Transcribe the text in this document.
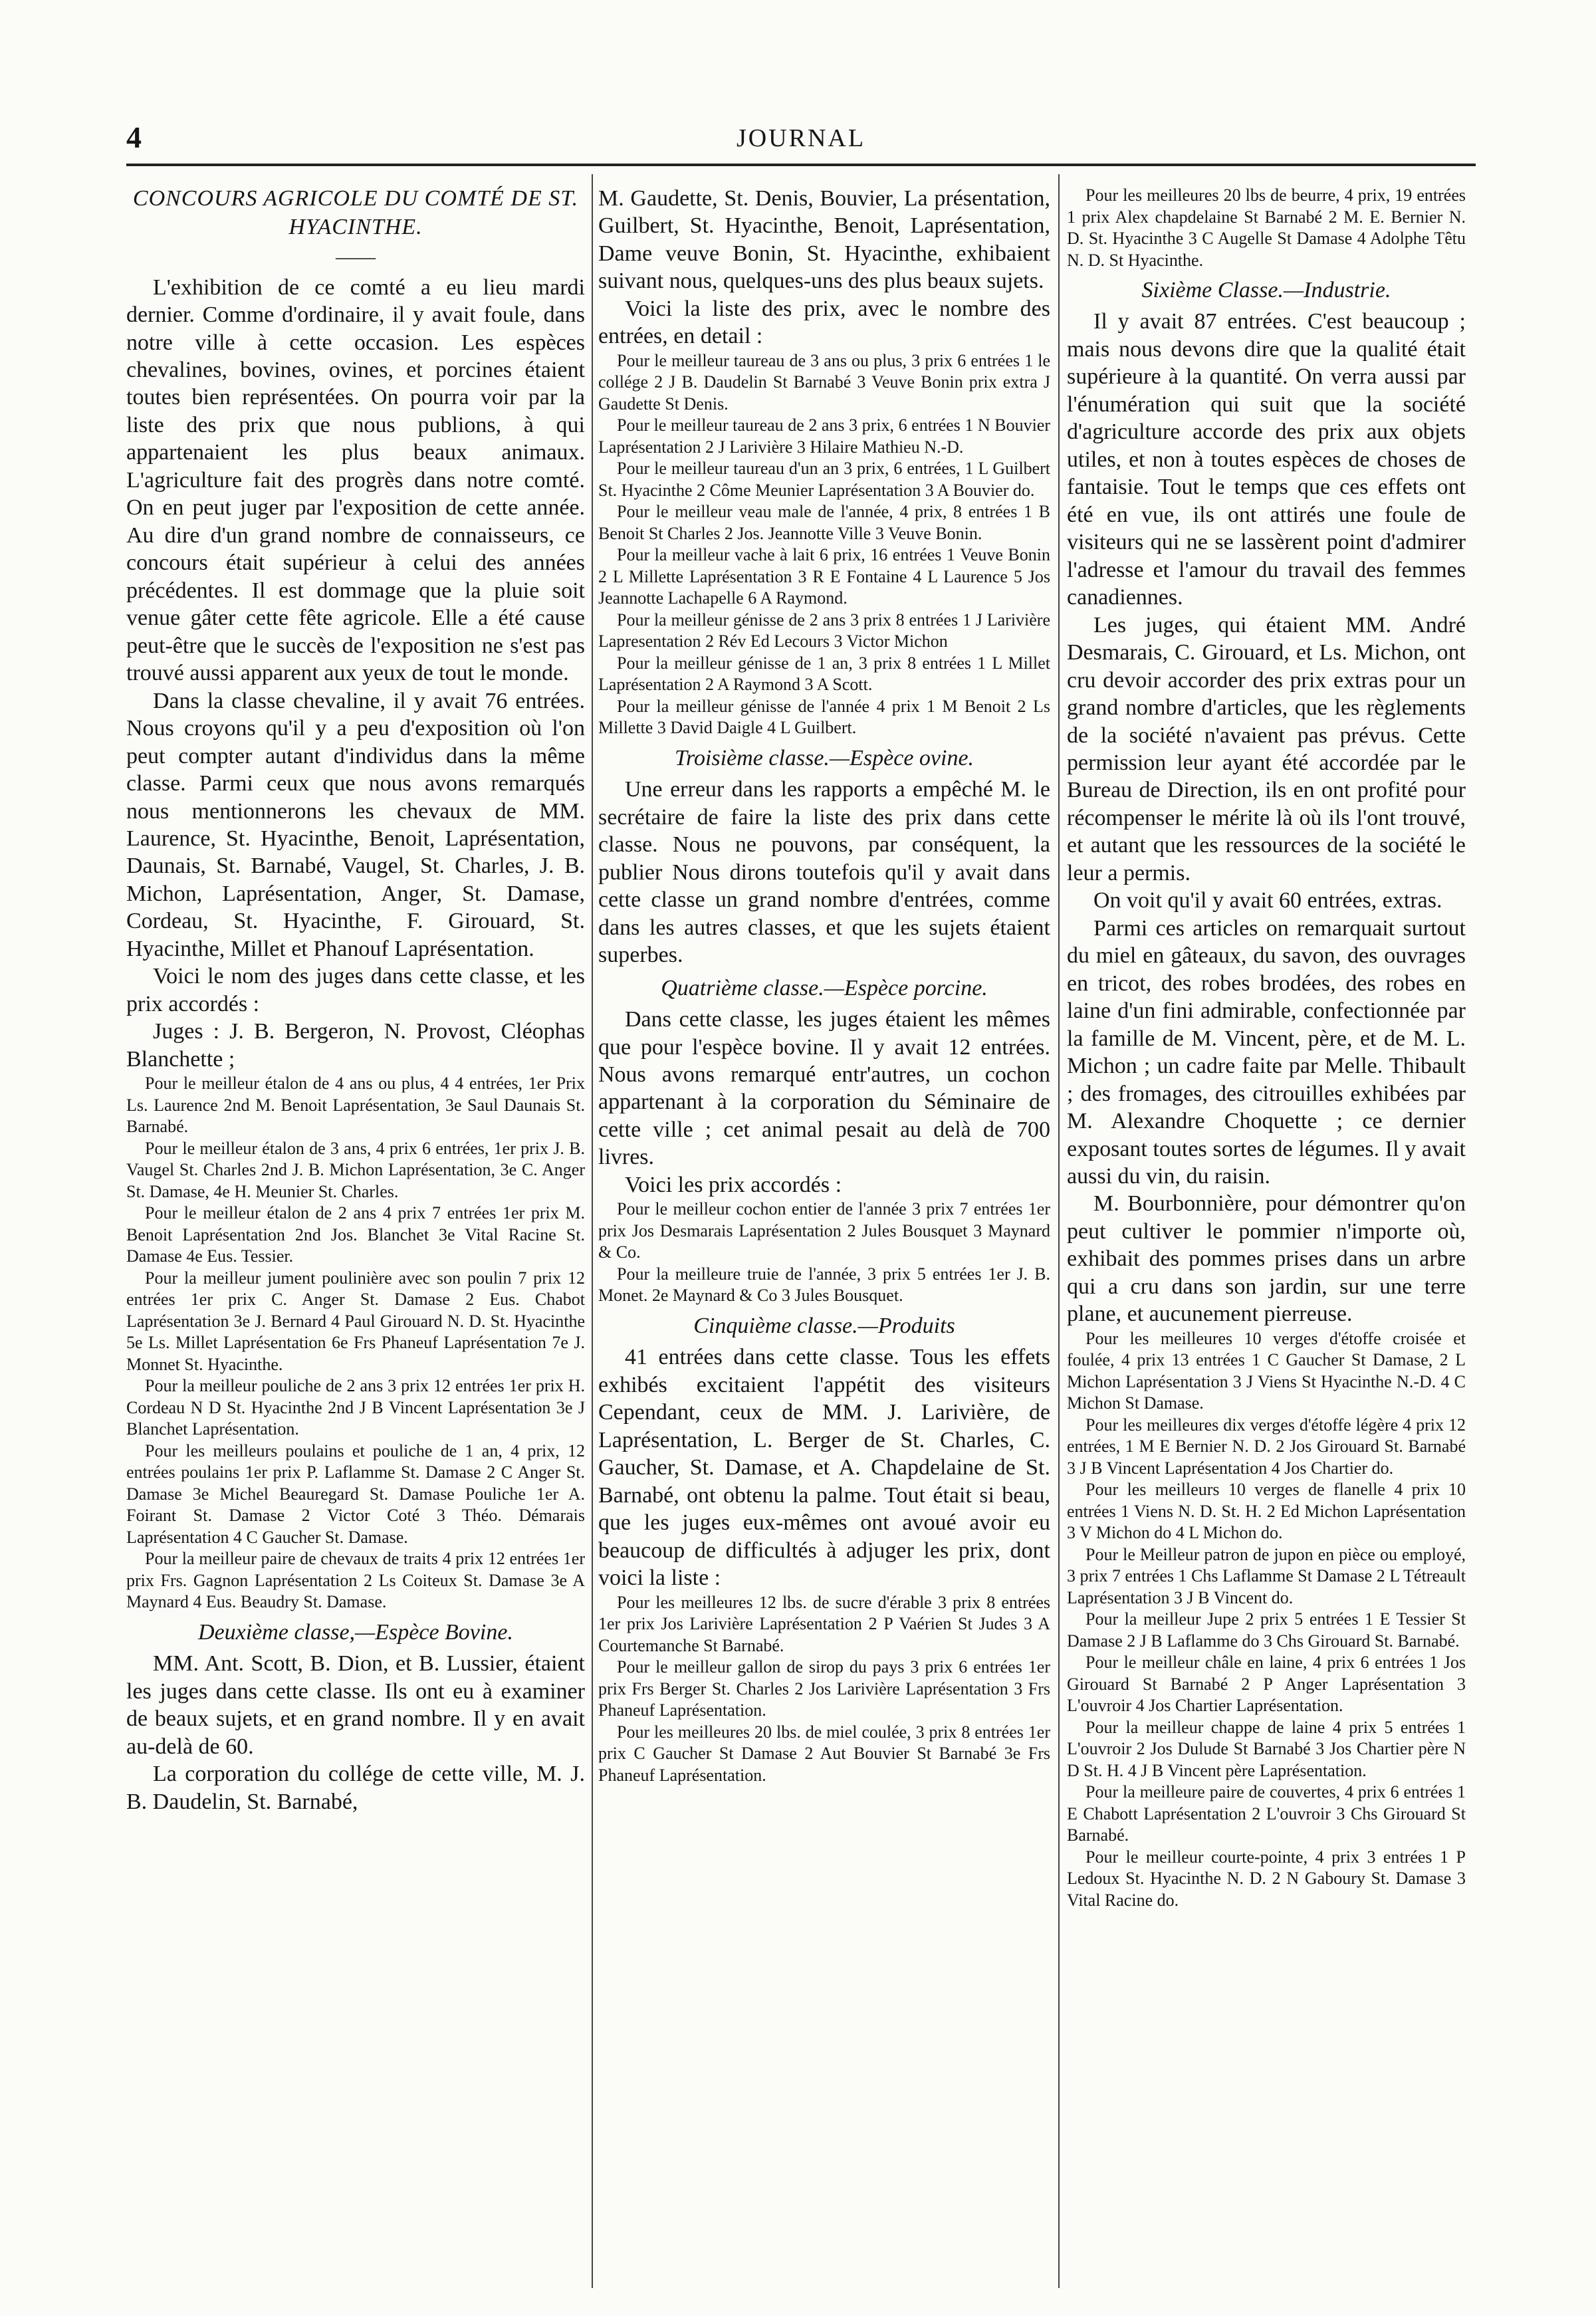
4	JOURNAL
CONCOURS AGRICOLE DU COMTÉ DE ST. HYACINTHE.
——

L'exhibition de ce comté a eu lieu mardi dernier. Comme d'ordinaire, il y avait foule, dans notre ville à cette occasion. Les espèces chevalines, bovines, ovines, et porcines étaient toutes bien représentées. On pourra voir par la liste des prix que nous publions, à qui appartenaient les plus beaux animaux. L'agriculture fait des progrès dans notre comté. On en peut juger par l'exposition de cette année. Au dire d'un grand nombre de connaisseurs, ce concours était supérieur à celui des années précédentes. Il est dommage que la pluie soit venue gâter cette fête agricole. Elle a été cause peut-être que le succès de l'exposition ne s'est pas trouvé aussi apparent aux yeux de tout le monde.

Dans la classe chevaline, il y avait 76 entrées. Nous croyons qu'il y a peu d'exposition où l'on peut compter autant d'individus dans la même classe. Parmi ceux que nous avons remarqués nous mentionnerons les chevaux de MM. Laurence, St. Hyacinthe, Benoit, Laprésentation, Daunais, St. Barnabé, Vaugel, St. Charles, J. B. Michon, Laprésentation, Anger, St. Damase, Cordeau, St. Hyacinthe, F. Girouard, St. Hyacinthe, Millet et Phanouf Laprésentation.

Voici le nom des juges dans cette classe, et les prix accordés :

Juges : J. B. Bergeron, N. Provost, Cléophas Blanchette ;

Pour le meilleur étalon de 4 ans ou plus, 4 4 entrées, 1er Prix Ls. Laurence 2nd M. Benoit Laprésentation, 3e Saul Daunais St. Barnabé.

Pour le meilleur étalon de 3 ans, 4 prix 6 entrées, 1er prix J. B. Vaugel St. Charles 2nd J. B. Michon Laprésentation, 3e C. Anger St. Damase, 4e H. Meunier St. Charles.

Pour le meilleur étalon de 2 ans 4 prix 7 entrées 1er prix M. Benoit Laprésentation 2nd Jos. Blanchet 3e Vital Racine St. Damase 4e Eus. Tessier.

Pour la meilleur jument poulinière avec son poulin 7 prix 12 entrées 1er prix C. Anger St. Damase 2 Eus. Chabot Laprésentation 3e J. Bernard 4 Paul Girouard N. D. St. Hyacinthe 5e Ls. Millet Laprésentation 6e Frs Phaneuf Laprésentation 7e J. Monnet St. Hyacinthe.

Pour la meilleur pouliche de 2 ans 3 prix 12 entrées 1er prix H. Cordeau N D St. Hyacinthe 2nd J B Vincent Laprésentation 3e J Blanchet Laprésentation.

Pour les meilleurs poulains et pouliche de 1 an, 4 prix, 12 entrées poulains 1er prix P. Laflamme St. Damase 2 C Anger St. Damase 3e Michel Beauregard St. Damase Pouliche 1er A. Foirant St. Damase 2 Victor Coté 3 Théo. Démarais Laprésentation 4 C Gaucher St. Damase.

Pour la meilleur paire de chevaux de traits 4 prix 12 entrées 1er prix Frs. Gagnon Laprésentation 2 Ls Coiteux St. Damase 3e A Maynard 4 Eus. Beaudry St. Damase.

Deuxième classe,—Espèce Bovine.

MM. Ant. Scott, B. Dion, et B. Lussier, étaient les juges dans cette classe. Ils ont eu à examiner de beaux sujets, et en grand nombre. Il y en avait au-delà de 60.

La corporation du collége de cette ville, M. J. B. Daudelin, St. Barnabé,

M. Gaudette, St. Denis, Bouvier, La présentation, Guilbert, St. Hyacinthe, Benoit, Laprésentation, Dame veuve Bonin, St. Hyacinthe, exhibaient suivant nous, quelques-uns des plus beaux sujets.

Voici la liste des prix, avec le nombre des entrées, en detail :

Pour le meilleur taureau de 3 ans ou plus, 3 prix 6 entrées 1 le collége 2 J B. Daudelin St Barnabé 3 Veuve Bonin prix extra J Gaudette St Denis.

Pour le meilleur taureau de 2 ans 3 prix, 6 entrées 1 N Bouvier Laprésentation 2 J Larivière 3 Hilaire Mathieu N.-D.

Pour le meilleur taureau d'un an 3 prix, 6 entrées, 1 L Guilbert St. Hyacinthe 2 Côme Meunier Laprésentation 3 A Bouvier do.

Pour le meilleur veau male de l'année, 4 prix, 8 entrées 1 B Benoit St Charles 2 Jos. Jeannotte Ville 3 Veuve Bonin.

Pour la meilleur vache à lait 6 prix, 16 entrées 1 Veuve Bonin 2 L Millette Laprésentation 3 R E Fontaine 4 L Laurence 5 Jos Jeannotte Lachapelle 6 A Raymond.

Pour la meilleur génisse de 2 ans 3 prix 8 entrées 1 J Larivière Lapresentation 2 Rév Ed Lecours 3 Victor Michon

Pour la meilleur génisse de 1 an, 3 prix 8 entrées 1 L Millet Laprésentation 2 A Raymond 3 A Scott.

Pour la meilleur génisse de l'année 4 prix 1 M Benoit 2 Ls Millette 3 David Daigle 4 L Guilbert.

Troisième classe.—Espèce ovine.

Une erreur dans les rapports a empêché M. le secrétaire de faire la liste des prix dans cette classe. Nous ne pouvons, par conséquent, la publier Nous dirons toutefois qu'il y avait dans cette classe un grand nombre d'entrées, comme dans les autres classes, et que les sujets étaient superbes.

Quatrième classe.—Espèce porcine.

Dans cette classe, les juges étaient les mêmes que pour l'espèce bovine. Il y avait 12 entrées. Nous avons remarqué entr'autres, un cochon appartenant à la corporation du Séminaire de cette ville ; cet animal pesait au delà de 700 livres.

Voici les prix accordés :

Pour le meilleur cochon entier de l'année 3 prix 7 entrées 1er prix Jos Desmarais Laprésentation 2 Jules Bousquet 3 Maynard & Co.

Pour la meilleure truie de l'année, 3 prix 5 entrées 1er J. B. Monet. 2e Maynard & Co 3 Jules Bousquet.

Cinquième classe.—Produits

41 entrées dans cette classe. Tous les effets exhibés excitaient l'appétit des visiteurs Cependant, ceux de MM. J. Larivière, de Laprésentation, L. Berger de St. Charles, C. Gaucher, St. Damase, et A. Chapdelaine de St. Barnabé, ont obtenu la palme. Tout était si beau, que les juges eux-mêmes ont avoué avoir eu beaucoup de difficultés à adjuger les prix, dont voici la liste :

Pour les meilleures 12 lbs. de sucre d'érable 3 prix 8 entrées 1er prix Jos Larivière Laprésentation 2 P Vaérien St Judes 3 A Courtemanche St Barnabé.

Pour le meilleur gallon de sirop du pays 3 prix 6 entrées 1er prix Frs Berger St. Charles 2 Jos Larivière Laprésentation 3 Frs Phaneuf Laprésentation.

Pour les meilleures 20 lbs. de miel coulée, 3 prix 8 entrées 1er prix C Gaucher St Damase 2 Aut Bouvier St Barnabé 3e Frs Phaneuf Laprésentation.

Pour les meilleures 20 lbs de beurre, 4 prix, 19 entrées 1 prix Alex chapdelaine St Barnabé 2 M. E. Bernier N. D. St. Hyacinthe 3 C Augelle St Damase 4 Adolphe Têtu N. D. St Hyacinthe.

Sixième Classe.—Industrie.

Il y avait 87 entrées. C'est beaucoup ; mais nous devons dire que la qualité était supérieure à la quantité. On verra aussi par l'énumération qui suit que la société d'agriculture accorde des prix aux objets utiles, et non à toutes espèces de choses de fantaisie. Tout le temps que ces effets ont été en vue, ils ont attirés une foule de visiteurs qui ne se lassèrent point d'admirer l'adresse et l'amour du travail des femmes canadiennes.

Les juges, qui étaient MM. André Desmarais, C. Girouard, et Ls. Michon, ont cru devoir accorder des prix extras pour un grand nombre d'articles, que les règlements de la société n'avaient pas prévus. Cette permission leur ayant été accordée par le Bureau de Direction, ils en ont profité pour récompenser le mérite là où ils l'ont trouvé, et autant que les ressources de la société le leur a permis.

On voit qu'il y avait 60 entrées, extras.

Parmi ces articles on remarquait surtout du miel en gâteaux, du savon, des ouvrages en tricot, des robes brodées, des robes en laine d'un fini admirable, confectionnée par la famille de M. Vincent, père, et de M. L. Michon ; un cadre faite par Melle. Thibault ; des fromages, des citrouilles exhibées par M. Alexandre Choquette ; ce dernier exposant toutes sortes de légumes. Il y avait aussi du vin, du raisin.

M. Bourbonnière, pour démontrer qu'on peut cultiver le pommier n'importe où, exhibait des pommes prises dans un arbre qui a cru dans son jardin, sur une terre plane, et aucunement pierreuse.

Pour les meilleures 10 verges d'étoffe croisée et foulée, 4 prix 13 entrées 1 C Gaucher St Damase, 2 L Michon Laprésentation 3 J Viens St Hyacinthe N.-D. 4 C Michon St Damase.

Pour les meilleures dix verges d'étoffe légère 4 prix 12 entrées, 1 M E Bernier N. D. 2 Jos Girouard St. Barnabé 3 J B Vincent Laprésentation 4 Jos Chartier do.

Pour les meilleurs 10 verges de flanelle 4 prix 10 entrées 1 Viens N. D. St. H. 2 Ed Michon Laprésentation 3 V Michon do 4 L Michon do.

Pour le Meilleur patron de jupon en pièce ou employé, 3 prix 7 entrées 1 Chs Laflamme St Damase 2 L Tétreault Laprésentation 3 J B Vincent do.

Pour la meilleur Jupe 2 prix 5 entrées 1 E Tessier St Damase 2 J B Laflamme do 3 Chs Girouard St. Barnabé.

Pour le meilleur châle en laine, 4 prix 6 entrées 1 Jos Girouard St Barnabé 2 P Anger Laprésentation 3 L'ouvroir 4 Jos Chartier Laprésentation.

Pour la meilleur chappe de laine 4 prix 5 entrées 1 L'ouvroir 2 Jos Dulude St Barnabé 3 Jos Chartier père N D St. H. 4 J B Vincent père Laprésentation.

Pour la meilleure paire de couvertes, 4 prix 6 entrées 1 E Chabott Laprésentation 2 L'ouvroir 3 Chs Girouard St Barnabé.

Pour le meilleur courte-pointe, 4 prix 3 entrées 1 P Ledoux St. Hyacinthe N. D. 2 N Gaboury St. Damase 3 Vital Racine do.
